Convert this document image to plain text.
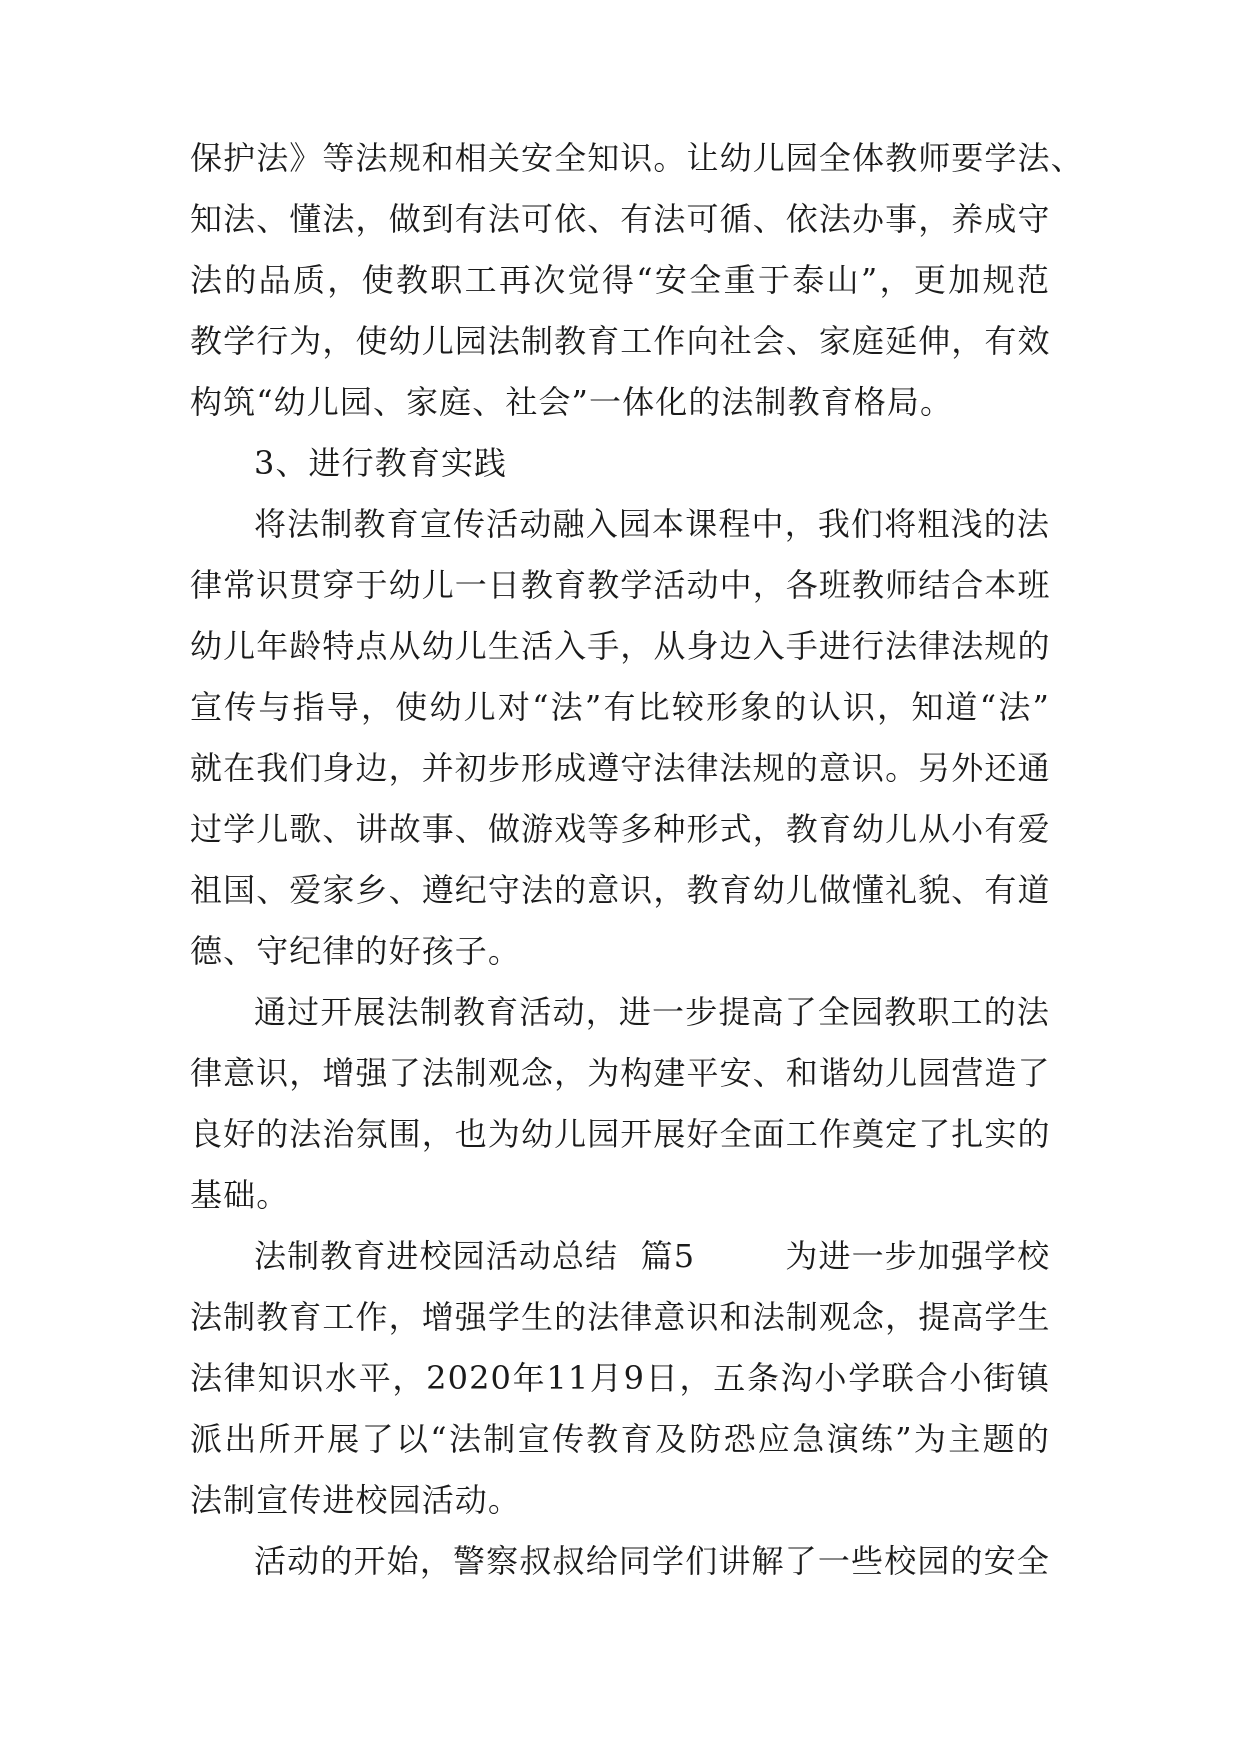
保护法》等法规和相关安全知识。让幼儿园全体教师要学法、
知法、懂法，做到有法可依、有法可循、依法办事，养成守
法的品质，使教职工再次觉得“安全重于泰山”，更加规范
教学行为，使幼儿园法制教育工作向社会、家庭延伸，有效
构筑“幼儿园、家庭、社会”一体化的法制教育格局。
3、进行教育实践
将法制教育宣传活动融入园本课程中，我们将粗浅的法
律常识贯穿于幼儿一日教育教学活动中，各班教师结合本班
幼儿年龄特点从幼儿生活入手，从身边入手进行法律法规的
宣传与指导，使幼儿对“法”有比较形象的认识，知道“法”
就在我们身边，并初步形成遵守法律法规的意识。另外还通
过学儿歌、讲故事、做游戏等多种形式，教育幼儿从小有爱
祖国、爱家乡、遵纪守法的意识，教育幼儿做懂礼貌、有道
德、守纪律的好孩子。
通过开展法制教育活动，进一步提高了全园教职工的法
律意识，增强了法制观念，为构建平安、和谐幼儿园营造了
良好的法治氛围，也为幼儿园开展好全面工作奠定了扎实的
基础。
法制教育进校园活动总结  篇5        为进一步加强学校
法制教育工作，增强学生的法律意识和法制观念，提高学生
法律知识水平，2020年11月9日，五条沟小学联合小街镇
派出所开展了以“法制宣传教育及防恐应急演练”为主题的
法制宣传进校园活动。
活动的开始，警察叔叔给同学们讲解了一些校园的安全
